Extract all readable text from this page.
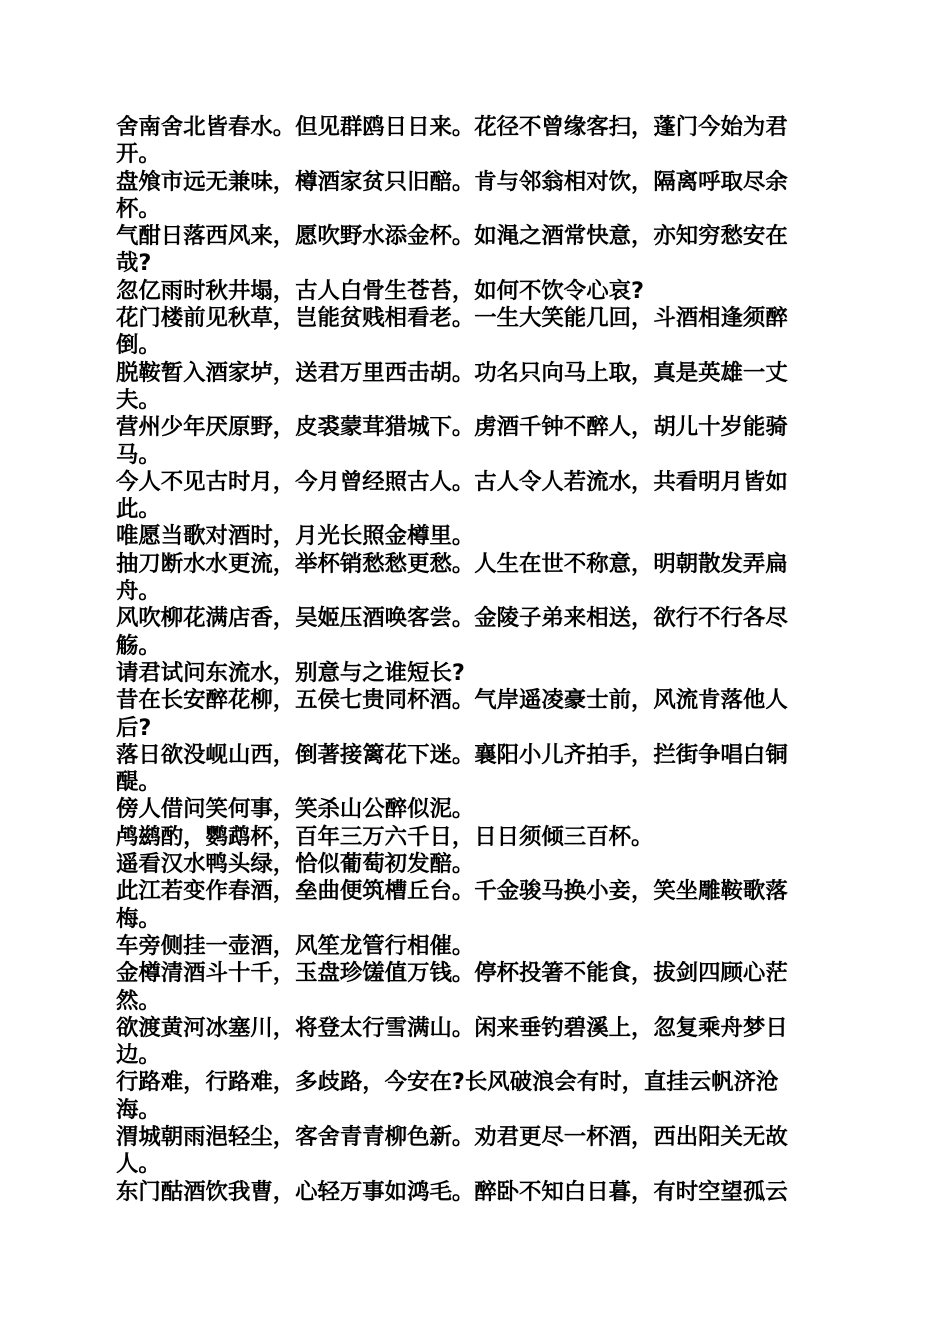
舍南舍北皆春水。但见群鸥日日来。花径不曾缘客扫，蓬门今始为君
开。
盘飧市远无兼味，樽酒家贫只旧醅。肯与邻翁相对饮，隔离呼取尽余
杯。
气酣日落西风来，愿吹野水添金杯。如渑之酒常快意，亦知穷愁安在
哉?
忽亿雨时秋井塌，古人白骨生苍苔，如何不饮令心哀?
花门楼前见秋草，岂能贫贱相看老。一生大笑能几回，斗酒相逢须醉
倒。
脱鞍暂入酒家垆，送君万里西击胡。功名只向马上取，真是英雄一丈
夫。
营州少年厌原野，皮裘蒙茸猎城下。虏酒千钟不醉人，胡儿十岁能骑
马。
今人不见古时月，今月曾经照古人。古人令人若流水，共看明月皆如
此。
唯愿当歌对酒时，月光长照金樽里。
抽刀断水水更流，举杯销愁愁更愁。人生在世不称意，明朝散发弄扁
舟。
风吹柳花满店香，吴姬压酒唤客尝。金陵子弟来相送，欲行不行各尽
觞。
请君试问东流水，别意与之谁短长?
昔在长安醉花柳，五侯七贵同杯酒。气岸遥凌豪士前，风流肯落他人
后?
落日欲没岘山西，倒著接篱花下迷。襄阳小儿齐拍手，拦街争唱白铜
醍。
傍人借问笑何事，笑杀山公醉似泥。
鸬鹚酌，鹦鹉杯，百年三万六千日，日日须倾三百杯。
遥看汉水鸭头绿，恰似葡萄初发醅。
此江若变作春酒，垒曲便筑槽丘台。千金骏马换小妾，笑坐雕鞍歌落
梅。
车旁侧挂一壶酒，风笙龙管行相催。
金樽清酒斗十千，玉盘珍馐值万钱。停杯投箸不能食，拔剑四顾心茫
然。
欲渡黄河冰塞川，将登太行雪满山。闲来垂钓碧溪上，忽复乘舟梦日
边。
行路难，行路难，多歧路，今安在?长风破浪会有时，直挂云帆济沧
海。
渭城朝雨浥轻尘，客舍青青柳色新。劝君更尽一杯酒，西出阳关无故
人。
东门酤酒饮我曹，心轻万事如鸿毛。醉卧不知白日暮，有时空望孤云
